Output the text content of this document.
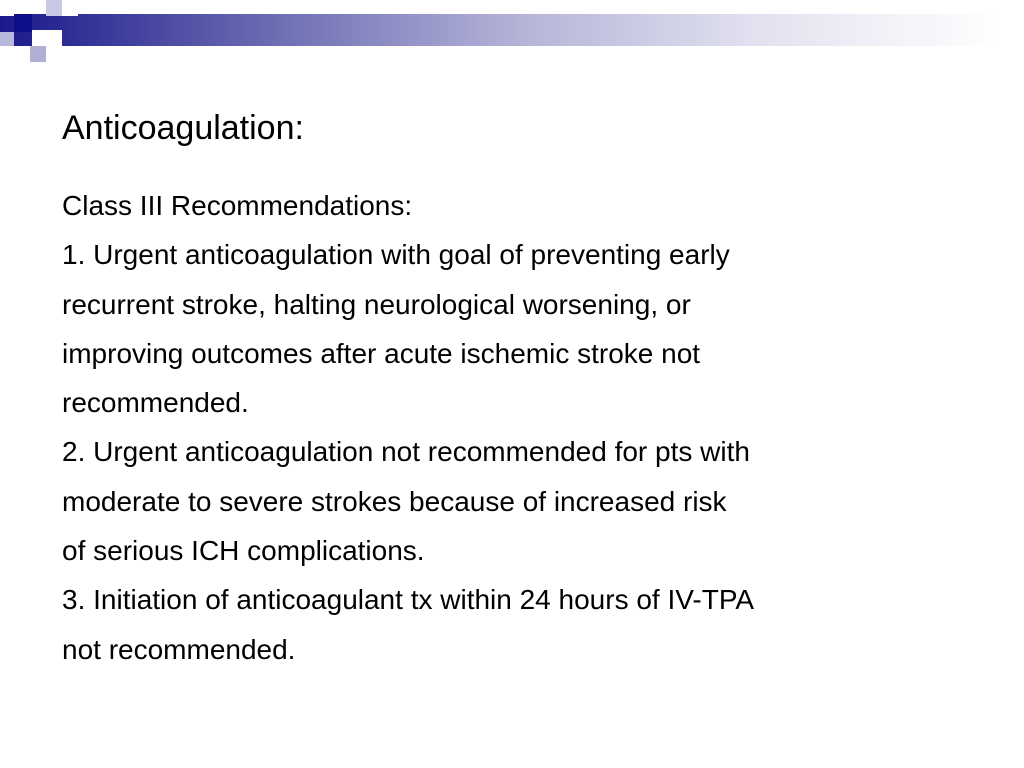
Anticoagulation:
Class III Recommendations:
1. Urgent anticoagulation with goal of preventing early
recurrent stroke, halting neurological worsening, or
improving outcomes after acute ischemic stroke not
recommended.
2. Urgent anticoagulation not recommended for pts with
moderate to severe strokes because of increased risk
of serious ICH complications.
3. Initiation of anticoagulant tx within 24 hours of IV-TPA
not recommended.
